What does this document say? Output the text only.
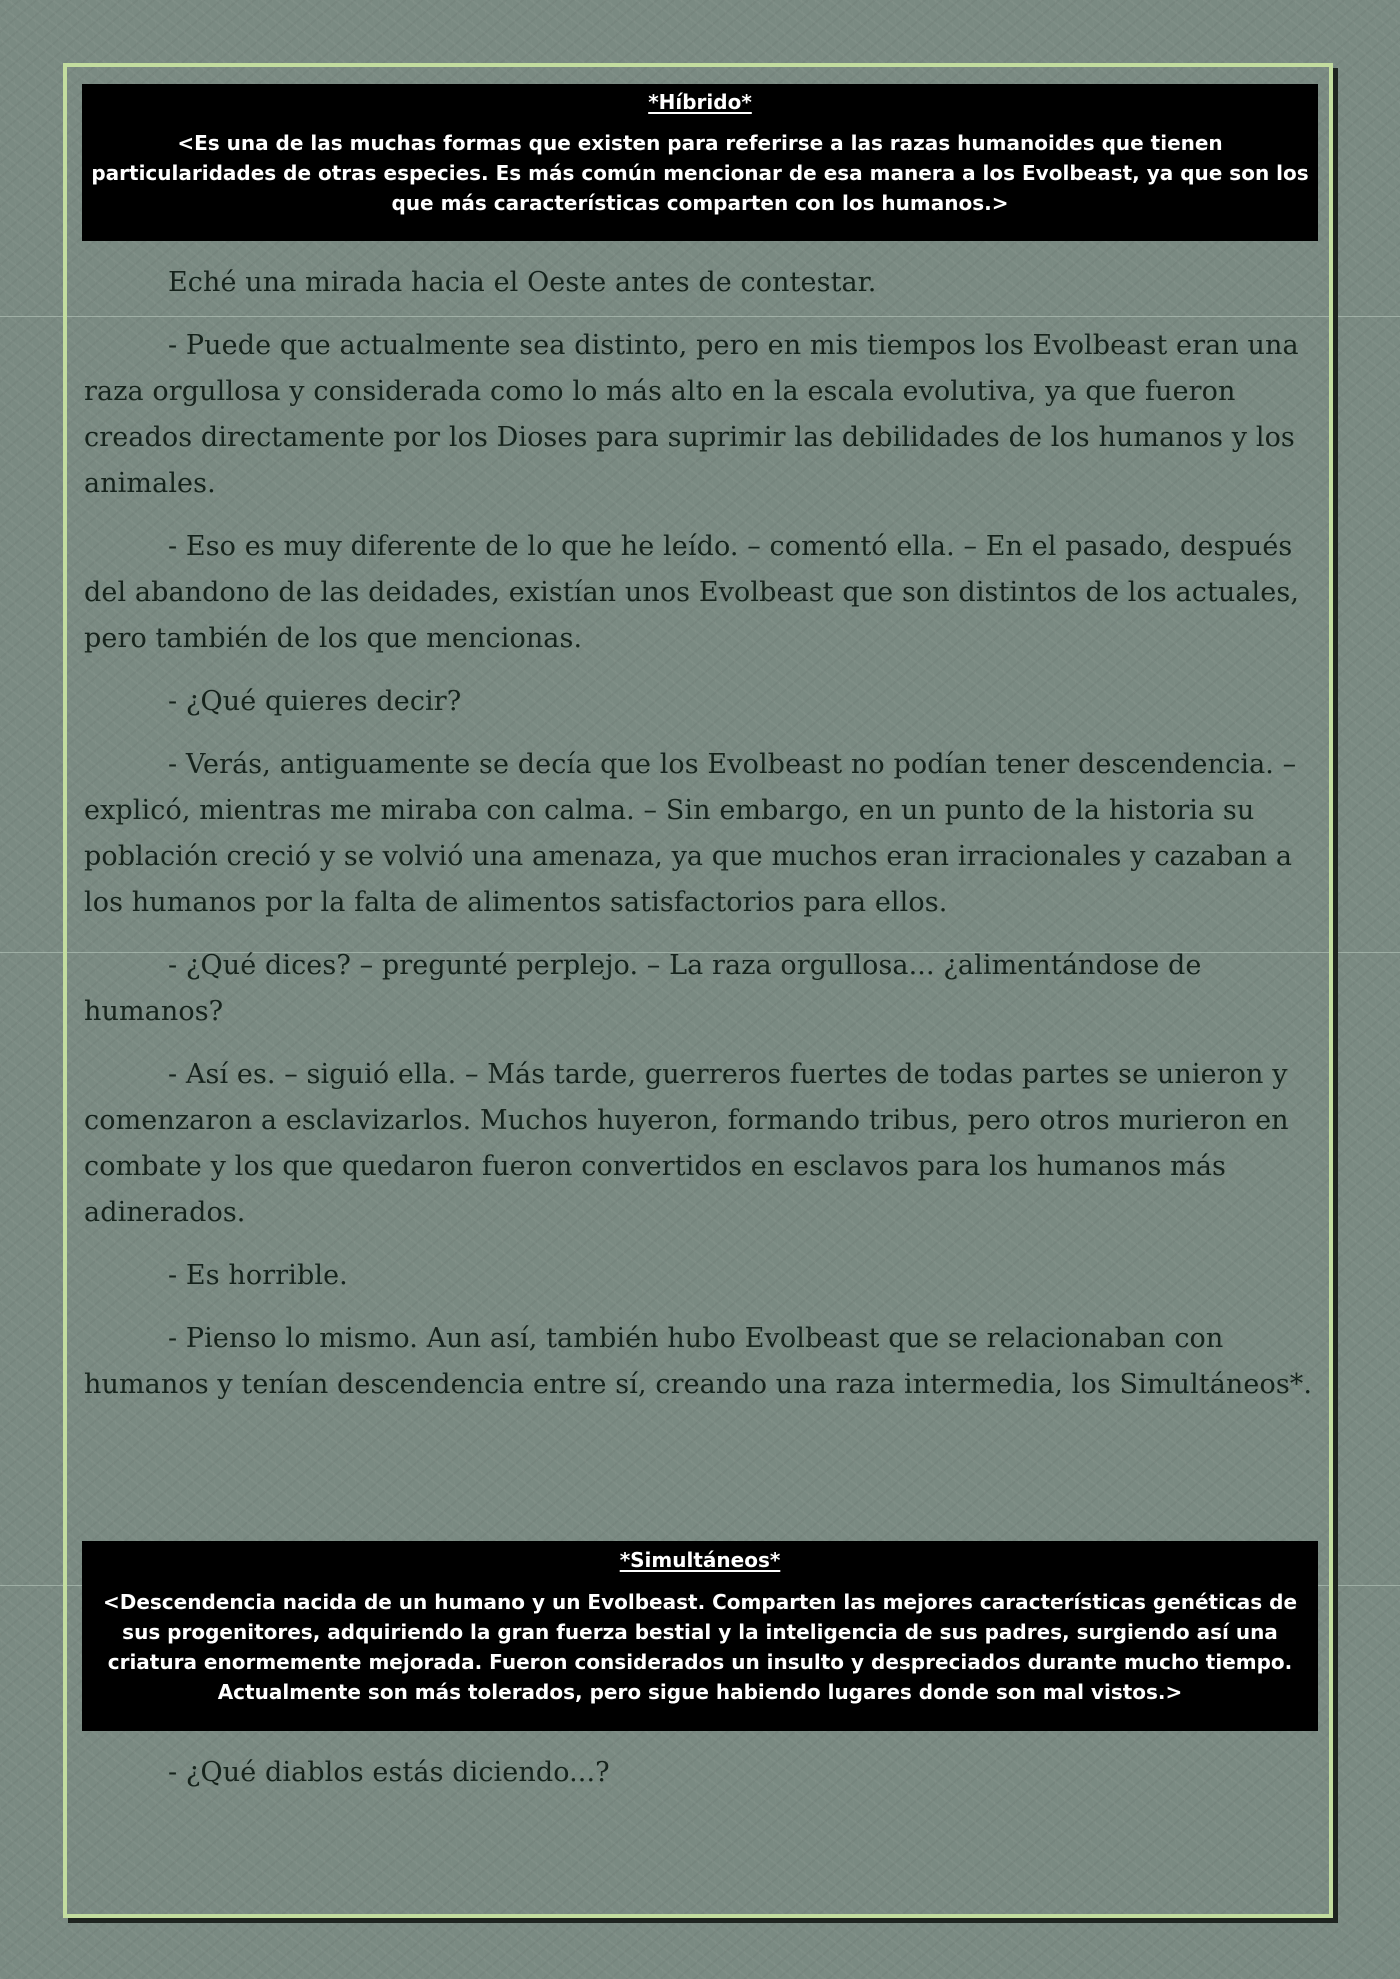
*Híbrido*
<Es una de las muchas formas que existen para referirse a las razas humanoides que tienen particularidades de otras especies. Es más común mencionar de esa manera a los Evolbeast, ya que son los que más características comparten con los humanos.>

Eché una mirada hacia el Oeste antes de contestar.

- Puede que actualmente sea distinto, pero en mis tiempos los Evolbeast eran una raza orgullosa y considerada como lo más alto en la escala evolutiva, ya que fueron creados directamente por los Dioses para suprimir las debilidades de los humanos y los animales.

- Eso es muy diferente de lo que he leído. – comentó ella. – En el pasado, después del abandono de las deidades, existían unos Evolbeast que son distintos de los actuales, pero también de los que mencionas.

- ¿Qué quieres decir?

- Verás, antiguamente se decía que los Evolbeast no podían tener descendencia. – explicó, mientras me miraba con calma. – Sin embargo, en un punto de la historia su población creció y se volvió una amenaza, ya que muchos eran irracionales y cazaban a los humanos por la falta de alimentos satisfactorios para ellos.

- ¿Qué dices? – pregunté perplejo. – La raza orgullosa... ¿alimentándose de humanos?

- Así es. – siguió ella. – Más tarde, guerreros fuertes de todas partes se unieron y comenzaron a esclavizarlos. Muchos huyeron, formando tribus, pero otros murieron en combate y los que quedaron fueron convertidos en esclavos para los humanos más adinerados.

- Es horrible.

- Pienso lo mismo. Aun así, también hubo Evolbeast que se relacionaban con humanos y tenían descendencia entre sí, creando una raza intermedia, los Simultáneos*.

*Simultáneos*
<Descendencia nacida de un humano y un Evolbeast. Comparten las mejores características genéticas de sus progenitores, adquiriendo la gran fuerza bestial y la inteligencia de sus padres, surgiendo así una criatura enormemente mejorada. Fueron considerados un insulto y despreciados durante mucho tiempo. Actualmente son más tolerados, pero sigue habiendo lugares donde son mal vistos.>

- ¿Qué diablos estás diciendo...?
